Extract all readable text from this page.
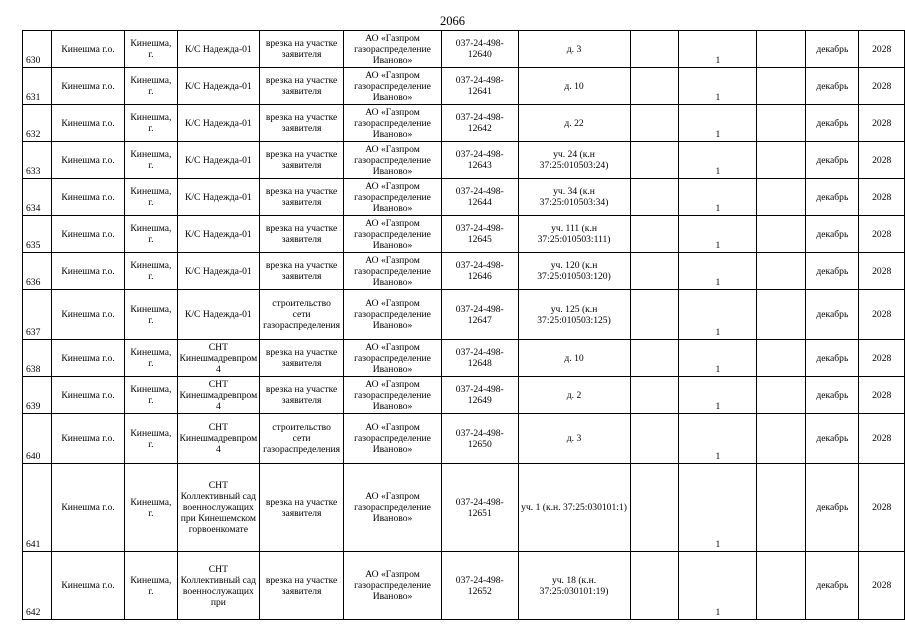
2066
630	Кинешма г.о.	Кинешма, г.	К/С Надежда-01	врезка на участке заявителя	АО «Газпром газораспределение Иваново»	037-24-498-12640	д. 3		1		декабрь	2028
631	Кинешма г.о.	Кинешма, г.	К/С Надежда-01	врезка на участке заявителя	АО «Газпром газораспределение Иваново»	037-24-498-12641	д. 10		1		декабрь	2028
632	Кинешма г.о.	Кинешма, г.	К/С Надежда-01	врезка на участке заявителя	АО «Газпром газораспределение Иваново»	037-24-498-12642	д. 22		1		декабрь	2028
633	Кинешма г.о.	Кинешма, г.	К/С Надежда-01	врезка на участке заявителя	АО «Газпром газораспределение Иваново»	037-24-498-12643	уч. 24 (к.н 37:25:010503:24)		1		декабрь	2028
634	Кинешма г.о.	Кинешма, г.	К/С Надежда-01	врезка на участке заявителя	АО «Газпром газораспределение Иваново»	037-24-498-12644	уч. 34 (к.н 37:25:010503:34)		1		декабрь	2028
635	Кинешма г.о.	Кинешма, г.	К/С Надежда-01	врезка на участке заявителя	АО «Газпром газораспределение Иваново»	037-24-498-12645	уч. 111 (к.н 37:25:010503:111)		1		декабрь	2028
636	Кинешма г.о.	Кинешма, г.	К/С Надежда-01	врезка на участке заявителя	АО «Газпром газораспределение Иваново»	037-24-498-12646	уч. 120 (к.н 37:25:010503:120)		1		декабрь	2028
637	Кинешма г.о.	Кинешма, г.	К/С Надежда-01	строительство сети газораспределения	АО «Газпром газораспределение Иваново»	037-24-498-12647	уч. 125 (к.н 37:25:010503:125)		1		декабрь	2028
638	Кинешма г.о.	Кинешма, г.	СНТ Кинешмадревпром 4	врезка на участке заявителя	АО «Газпром газораспределение Иваново»	037-24-498-12648	д. 10		1		декабрь	2028
639	Кинешма г.о.	Кинешма, г.	СНТ Кинешмадревпром 4	врезка на участке заявителя	АО «Газпром газораспределение Иваново»	037-24-498-12649	д. 2		1		декабрь	2028
640	Кинешма г.о.	Кинешма, г.	СНТ Кинешмадревпром 4	строительство сети газораспределения	АО «Газпром газораспределение Иваново»	037-24-498-12650	д. 3		1		декабрь	2028
641	Кинешма г.о.	Кинешма, г.	СНТ Коллективный сад военнослужащих при Кинешемском горвоенкомате	врезка на участке заявителя	АО «Газпром газораспределение Иваново»	037-24-498-12651	уч. 1 (к.н. 37:25:030101:1)		1		декабрь	2028
642	Кинешма г.о.	Кинешма, г.	СНТ Коллективный сад военнослужащих при	врезка на участке заявителя	АО «Газпром газораспределение Иваново»	037-24-498-12652	уч. 18 (к.н. 37:25:030101:19)		1		декабрь	2028
